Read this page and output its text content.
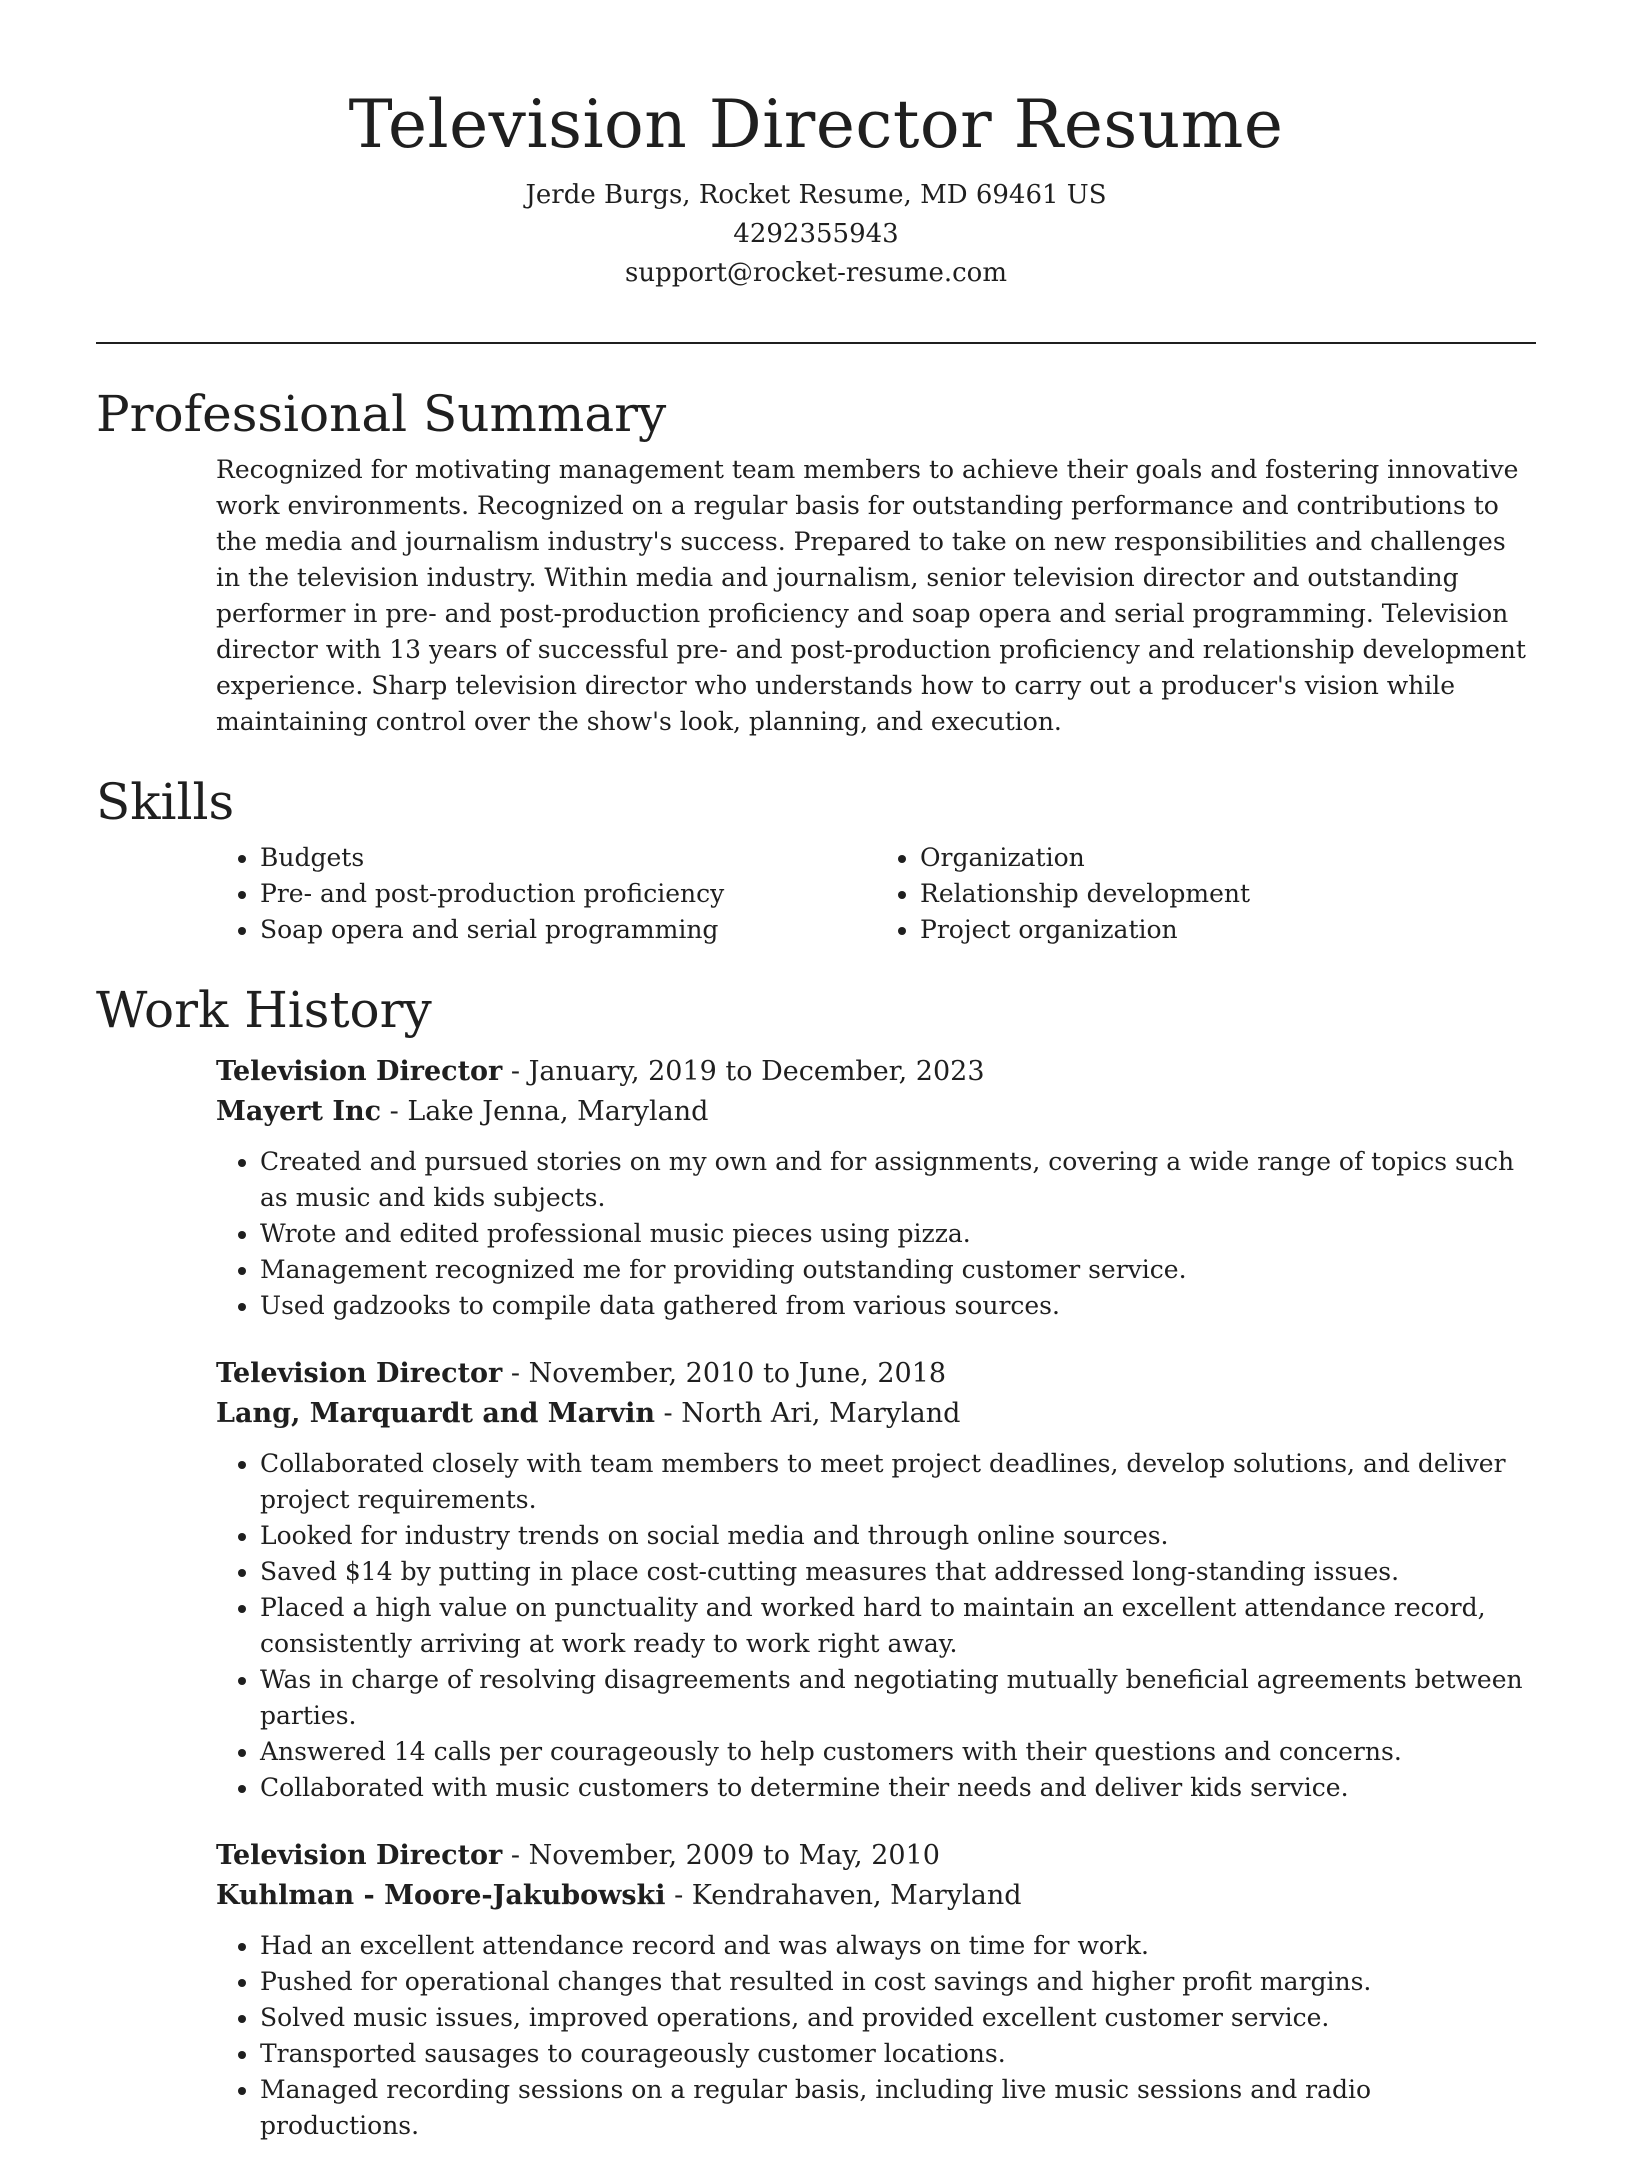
Television Director Resume
Jerde Burgs, Rocket Resume, MD 69461 US
4292355943
support@rocket-resume.com
Professional Summary
Recognized for motivating management team members to achieve their goals and fostering innovative work environments. Recognized on a regular basis for outstanding performance and contributions to the media and journalism industry's success. Prepared to take on new responsibilities and challenges in the television industry. Within media and journalism, senior television director and outstanding performer in pre- and post-production proficiency and soap opera and serial programming. Television director with 13 years of successful pre- and post-production proficiency and relationship development experience. Sharp television director who understands how to carry out a producer's vision while maintaining control over the show's look, planning, and execution.
Skills
• Budgets
• Pre- and post-production proficiency
• Soap opera and serial programming
• Organization
• Relationship development
• Project organization
Work History
Television Director - January, 2019 to December, 2023
Mayert Inc - Lake Jenna, Maryland
• Created and pursued stories on my own and for assignments, covering a wide range of topics such as music and kids subjects.
• Wrote and edited professional music pieces using pizza.
• Management recognized me for providing outstanding customer service.
• Used gadzooks to compile data gathered from various sources.
Television Director - November, 2010 to June, 2018
Lang, Marquardt and Marvin - North Ari, Maryland
• Collaborated closely with team members to meet project deadlines, develop solutions, and deliver project requirements.
• Looked for industry trends on social media and through online sources.
• Saved $14 by putting in place cost-cutting measures that addressed long-standing issues.
• Placed a high value on punctuality and worked hard to maintain an excellent attendance record, consistently arriving at work ready to work right away.
• Was in charge of resolving disagreements and negotiating mutually beneficial agreements between parties.
• Answered 14 calls per courageously to help customers with their questions and concerns.
• Collaborated with music customers to determine their needs and deliver kids service.
Television Director - November, 2009 to May, 2010
Kuhlman - Moore-Jakubowski - Kendrahaven, Maryland
• Had an excellent attendance record and was always on time for work.
• Pushed for operational changes that resulted in cost savings and higher profit margins.
• Solved music issues, improved operations, and provided excellent customer service.
• Transported sausages to courageously customer locations.
• Managed recording sessions on a regular basis, including live music sessions and radio productions.
